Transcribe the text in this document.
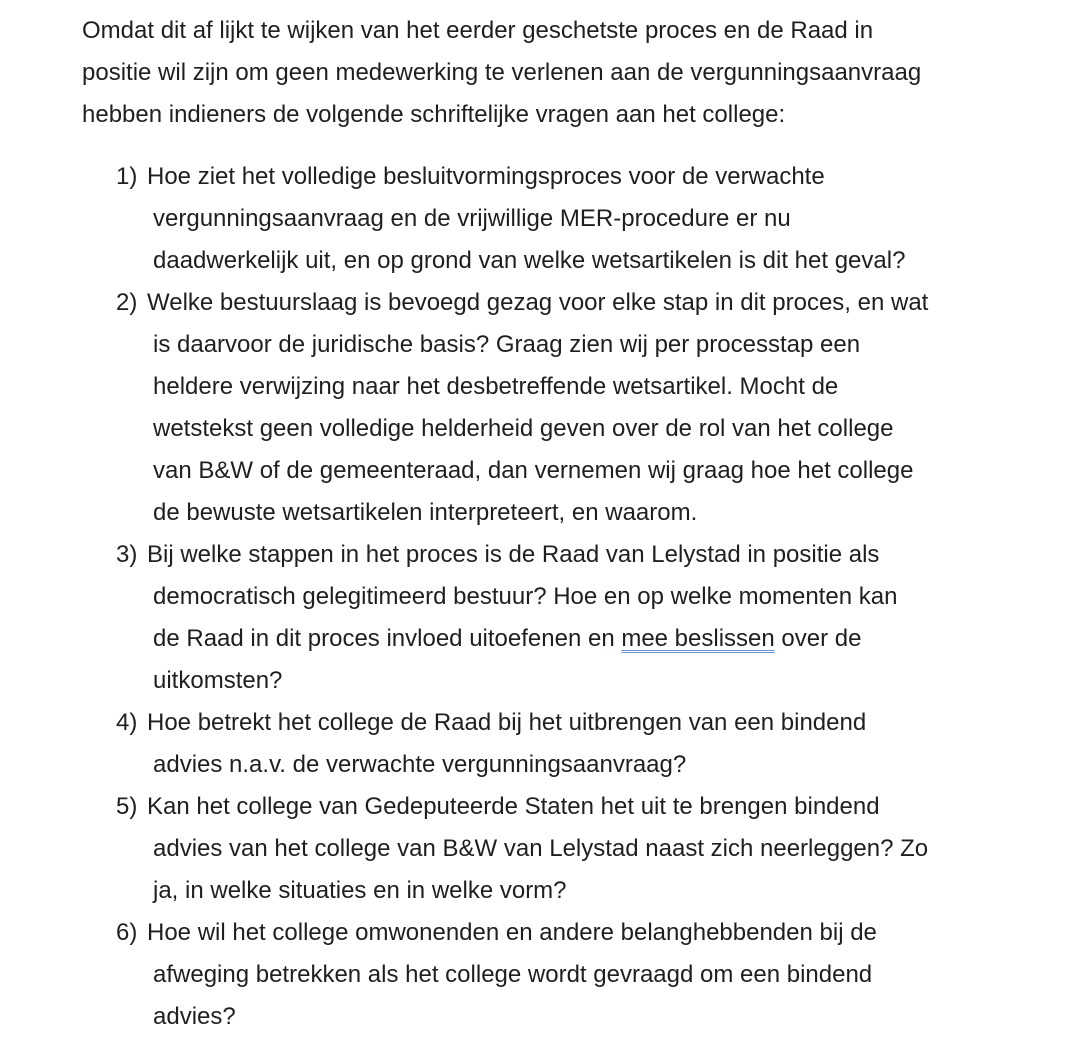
Omdat dit af lijkt te wijken van het eerder geschetste proces en de Raad in
positie wil zijn om geen medewerking te verlenen aan de vergunningsaanvraag
hebben indieners de volgende schriftelijke vragen aan het college:
1) Hoe ziet het volledige besluitvormingsproces voor de verwachte
vergunningsaanvraag en de vrijwillige MER-procedure er nu
daadwerkelijk uit, en op grond van welke wetsartikelen is dit het geval?
2) Welke bestuurslaag is bevoegd gezag voor elke stap in dit proces, en wat
is daarvoor de juridische basis? Graag zien wij per processtap een
heldere verwijzing naar het desbetreffende wetsartikel. Mocht de
wetstekst geen volledige helderheid geven over de rol van het college
van B&W of de gemeenteraad, dan vernemen wij graag hoe het college
de bewuste wetsartikelen interpreteert, en waarom.
3) Bij welke stappen in het proces is de Raad van Lelystad in positie als
democratisch gelegitimeerd bestuur? Hoe en op welke momenten kan
de Raad in dit proces invloed uitoefenen en mee beslissen over de
uitkomsten?
4) Hoe betrekt het college de Raad bij het uitbrengen van een bindend
advies n.a.v. de verwachte vergunningsaanvraag?
5) Kan het college van Gedeputeerde Staten het uit te brengen bindend
advies van het college van B&W van Lelystad naast zich neerleggen? Zo
ja, in welke situaties en in welke vorm?
6) Hoe wil het college omwonenden en andere belanghebbenden bij de
afweging betrekken als het college wordt gevraagd om een bindend
advies?
